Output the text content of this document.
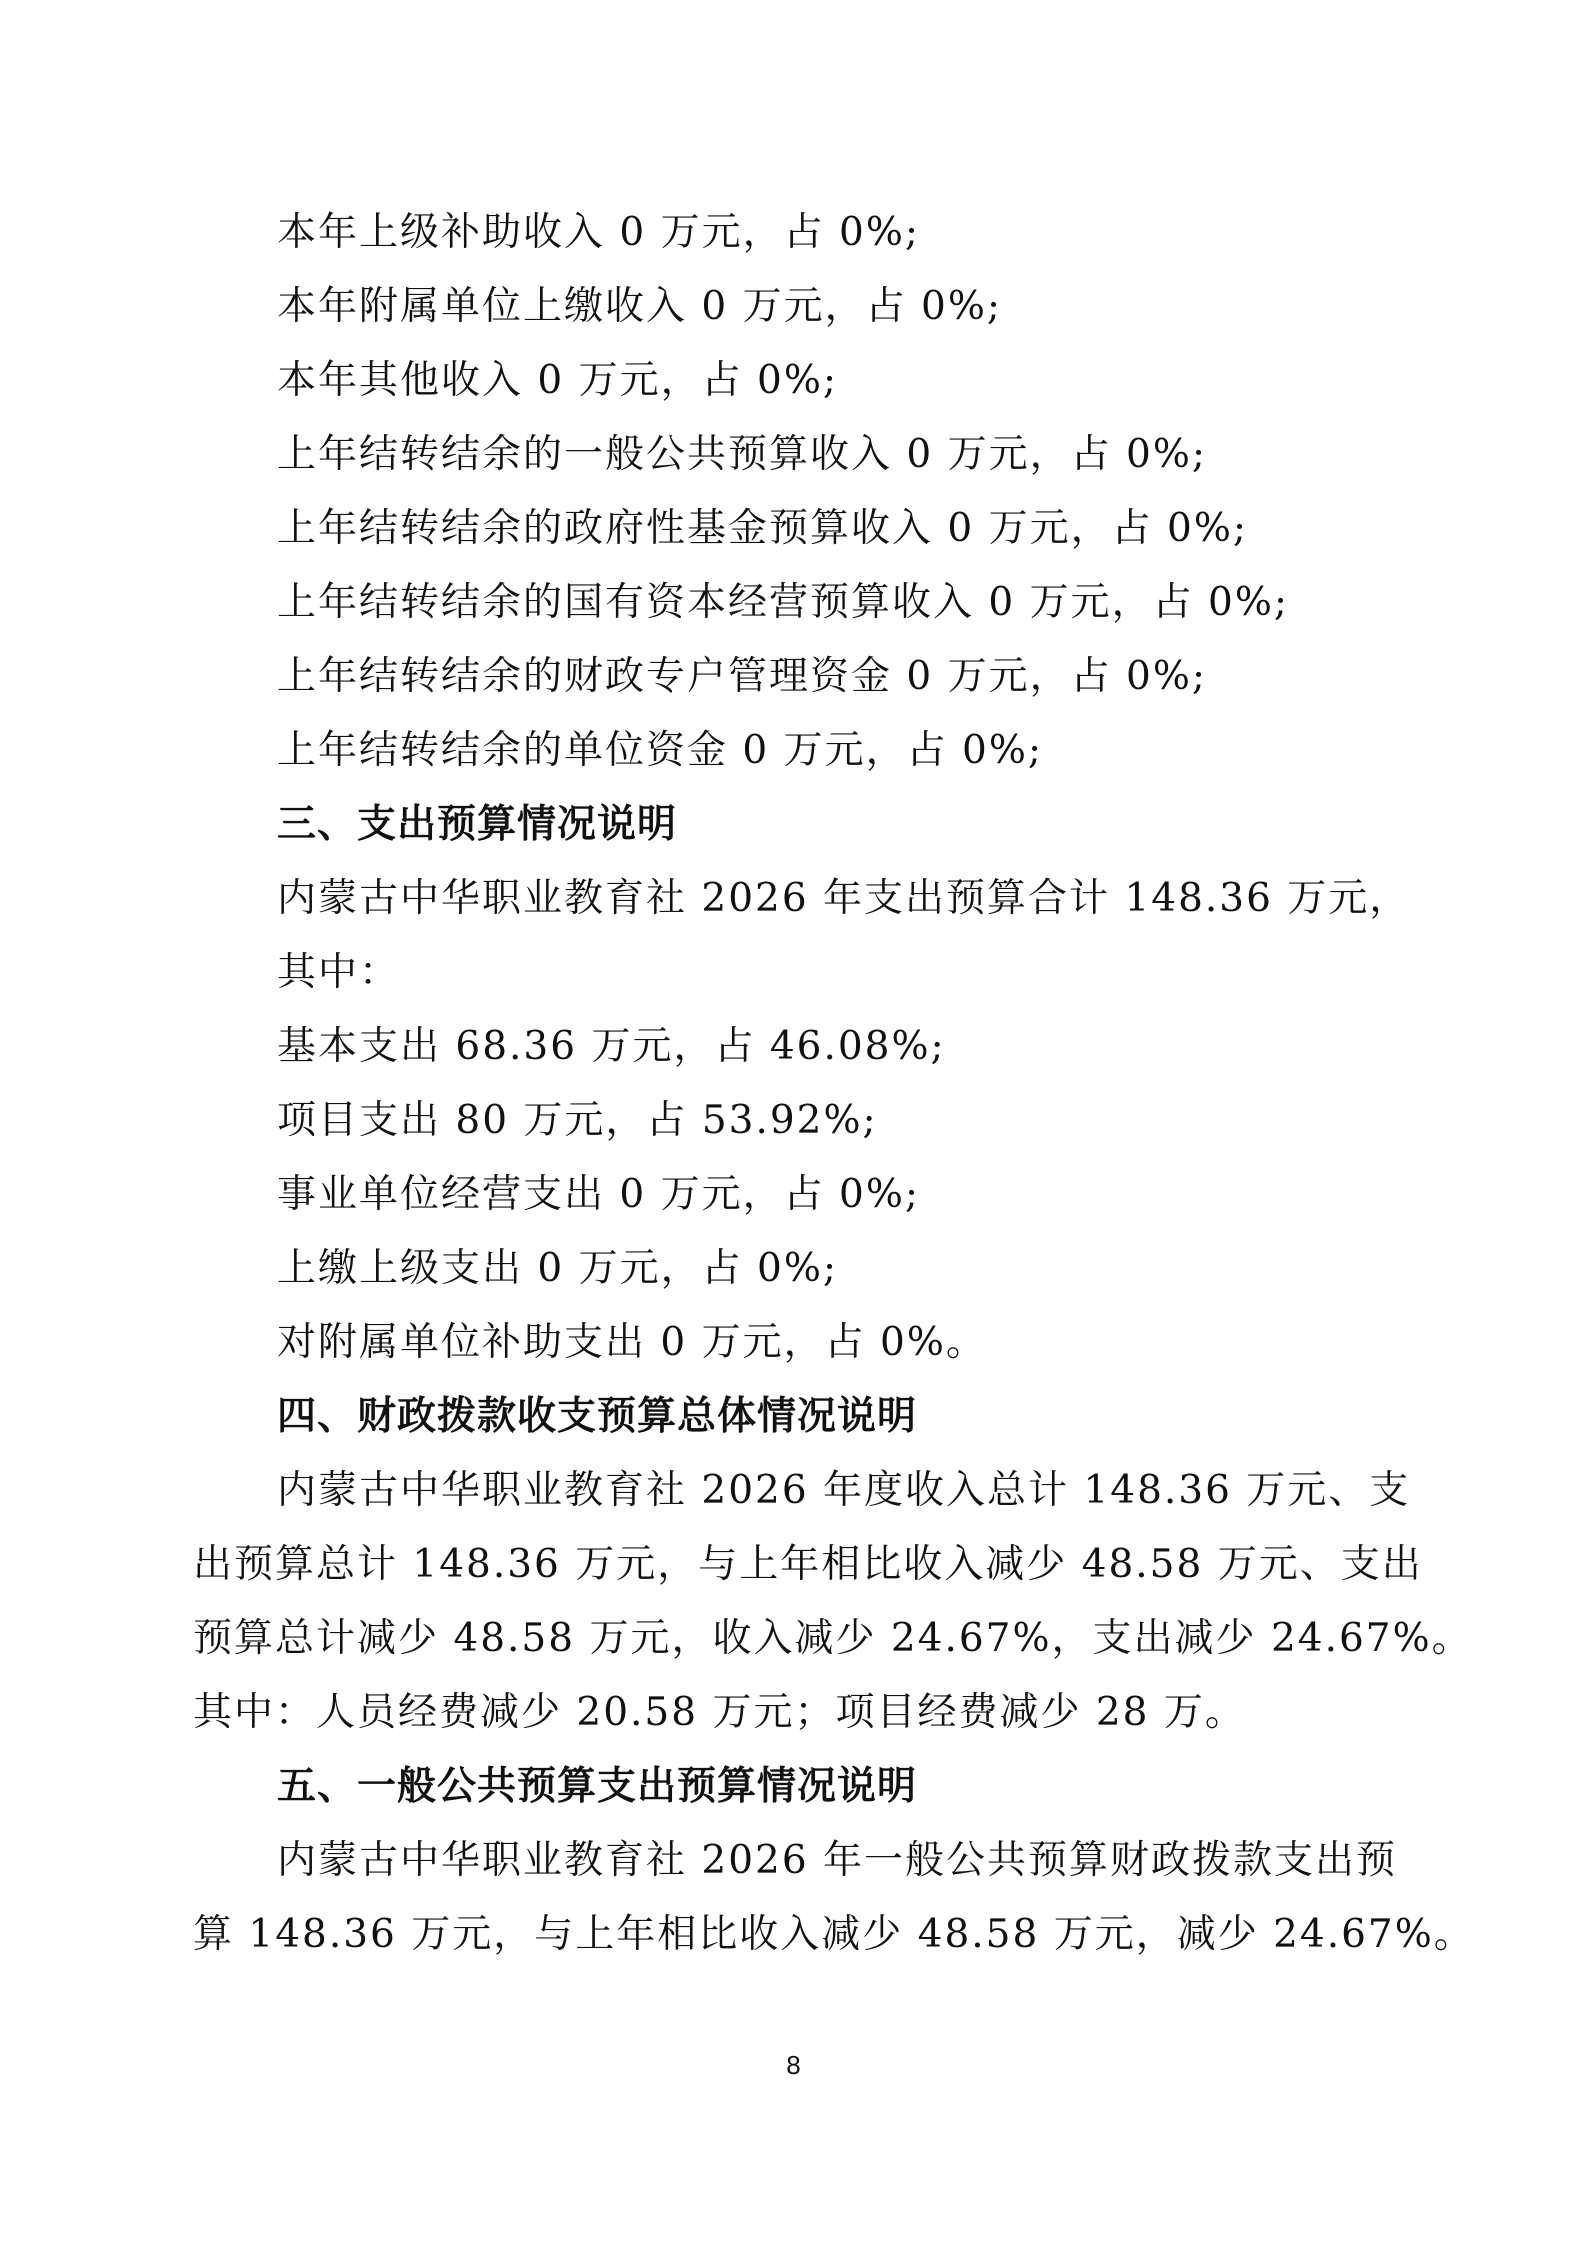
本年上级补助收入 0 万元，占 0%;
本年附属单位上缴收入 0 万元，占 0%;
本年其他收入 0 万元，占 0%;
上年结转结余的一般公共预算收入 0 万元，占 0%;
上年结转结余的政府性基金预算收入 0 万元，占 0%;
上年结转结余的国有资本经营预算收入 0 万元，占 0%;
上年结转结余的财政专户管理资金 0 万元，占 0%;
上年结转结余的单位资金 0 万元，占 0%;
三、支出预算情况说明
内蒙古中华职业教育社 2026 年支出预算合计 148.36 万元，
其中：
基本支出 68.36 万元，占 46.08%;
项目支出 80 万元，占 53.92%;
事业单位经营支出 0 万元，占 0%;
上缴上级支出 0 万元，占 0%;
对附属单位补助支出 0 万元，占 0%。
四、财政拨款收支预算总体情况说明
内蒙古中华职业教育社 2026 年度收入总计 148.36 万元、支
出预算总计 148.36 万元，与上年相比收入减少 48.58 万元、支出
预算总计减少 48.58 万元，收入减少 24.67%，支出减少 24.67%。
其中：人员经费减少 20.58 万元；项目经费减少 28 万。
五、一般公共预算支出预算情况说明
内蒙古中华职业教育社 2026 年一般公共预算财政拨款支出预
算 148.36 万元，与上年相比收入减少 48.58 万元，减少 24.67%。
8
